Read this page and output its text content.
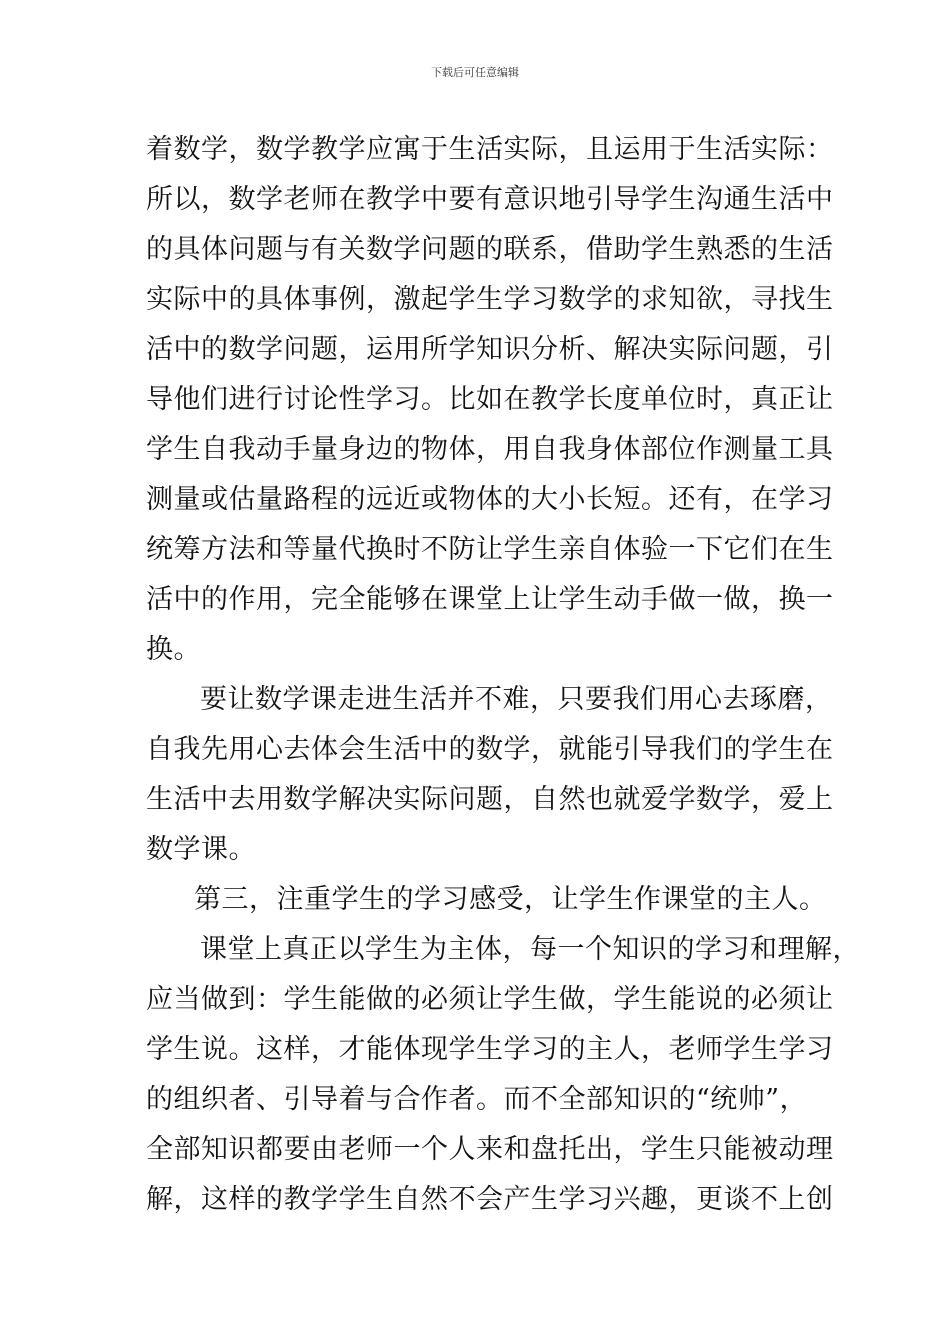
下载后可任意编辑
着数学，数学教学应寓于生活实际，且运用于生活实际：
所以，数学老师在教学中要有意识地引导学生沟通生活中
的具体问题与有关数学问题的联系，借助学生熟悉的生活
实际中的具体事例，激起学生学习数学的求知欲，寻找生
活中的数学问题，运用所学知识分析、解决实际问题，引
导他们进行讨论性学习。比如在教学长度单位时，真正让
学生自我动手量身边的物体，用自我身体部位作测量工具
测量或估量路程的远近或物体的大小长短。还有，在学习
统筹方法和等量代换时不防让学生亲自体验一下它们在生
活中的作用，完全能够在课堂上让学生动手做一做，换一
换。
要让数学课走进生活并不难，只要我们用心去琢磨，
自我先用心去体会生活中的数学，就能引导我们的学生在
生活中去用数学解决实际问题，自然也就爱学数学，爱上
数学课。
第三，注重学生的学习感受，让学生作课堂的主人。
课堂上真正以学生为主体，每一个知识的学习和理解，
应当做到：学生能做的必须让学生做，学生能说的必须让
学生说。这样，才能体现学生学习的主人，老师学生学习
的组织者、引导着与合作者。而不全部知识的“统帅”，
全部知识都要由老师一个人来和盘托出，学生只能被动理
解，这样的教学学生自然不会产生学习兴趣，更谈不上创
